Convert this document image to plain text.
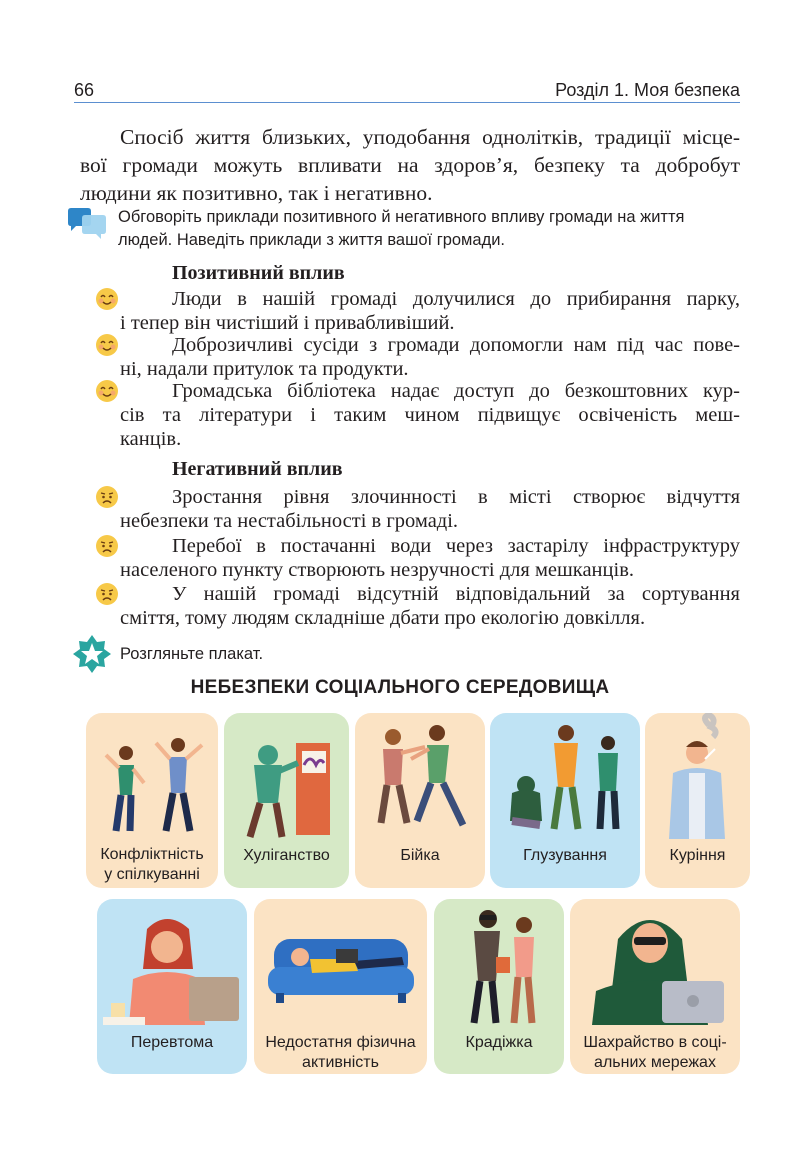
66	Розділ 1. Моя безпека
Спосіб життя близьких, уподобання однолітків, традиції місце-
вої громади можуть впливати на здоров’я, безпеку та добробут
людини як позитивно, так і негативно.
Обговоріть приклади позитивного й негативного впливу громади на життя
людей. Наведіть приклади з життя вашої громади.
Позитивний вплив
Люди в нашій громаді долучилися до прибирання парку,
і тепер він чистіший і привабливіший.
Доброзичливі сусіди з громади допомогли нам під час пове-
ні, надали притулок та продукти.
Громадська бібліотека надає доступ до безкоштовних кур-
сів та літератури і таким чином підвищує освіченість меш-
канців.
Негативний вплив
Зростання рівня злочинності в місті створює відчуття
небезпеки та нестабільності в громаді.
Перебої в постачанні води через застарілу інфраструктуру
населеного пункту створюють незручності для мешканців.
У нашій громаді відсутній відповідальний за сортування
сміття, тому людям складніше дбати про екологію довкілля.
Розгляньте плакат.
НЕБЕЗПЕКИ СОЦІАЛЬНОГО СЕРЕДОВИЩА
Конфліктність
у спілкуванні
Хуліганство	Бійка	Глузування	Куріння
Перевтома	Недостатня фізична
активність
Крадіжка	Шахрайство в соці-
альних мережах
